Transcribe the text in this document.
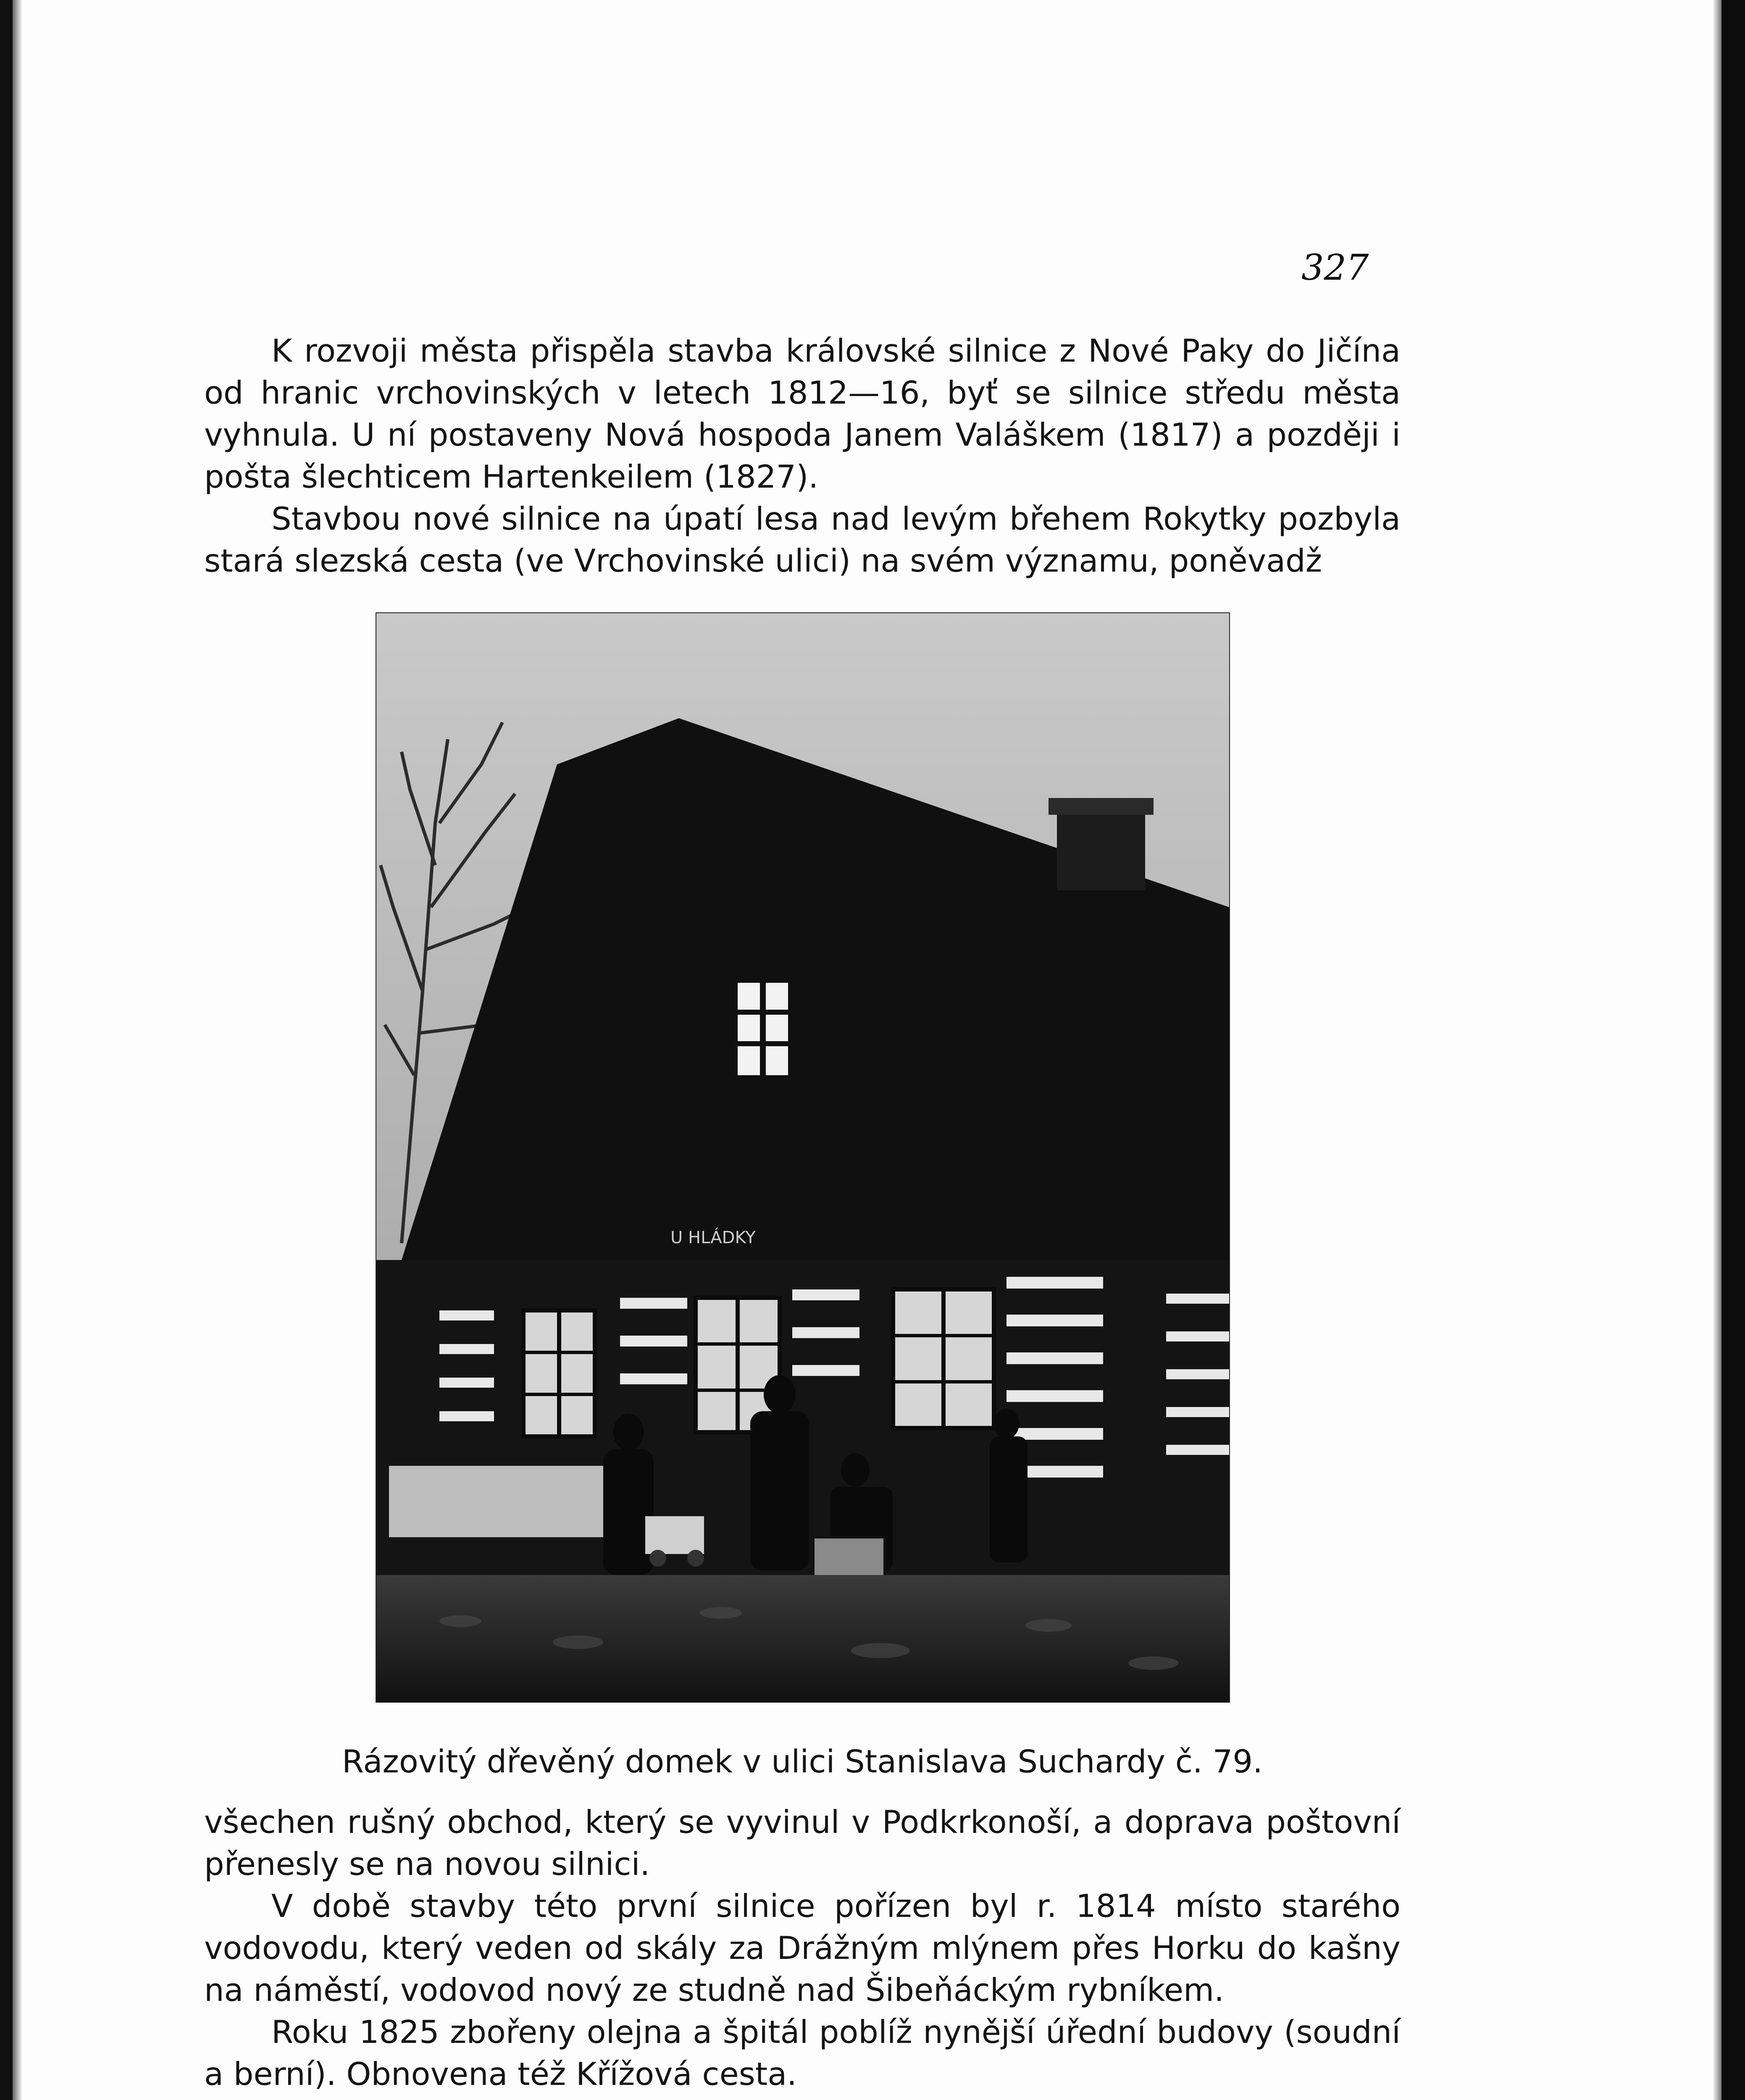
327

K rozvoji města přispěla stavba královské silnice z Nové Paky do Jičína od hranic vrchovinských v letech 1812—16, byť se silnice středu města vyhnula. U ní postaveny Nová hospoda Janem Valáškem (1817) a později i pošta šlechticem Hartenkeilem (1827).

Stavbou nové silnice na úpatí lesa nad levým břehem Rokytky pozbyla stará slezská cesta (ve Vrchovinské ulici) na svém významu, poněvadž

U HLÁDKY
Rázovitý dřevěný domek v ulici Stanislava Suchardy č. 79.

všechen rušný obchod, který se vyvinul v Podkrkonoší, a doprava poštovní přenesly se na novou silnici.

V době stavby této první silnice pořízen byl r. 1814 místo starého vodovodu, který veden od skály za Drážným mlýnem přes Horku do kašny na náměstí, vodovod nový ze studně nad Šibeňáckým rybníkem.

Roku 1825 zbořeny olejna a špitál poblíž nynější úřední budovy (soudní a berní). Obnovena též Křížová cesta.
